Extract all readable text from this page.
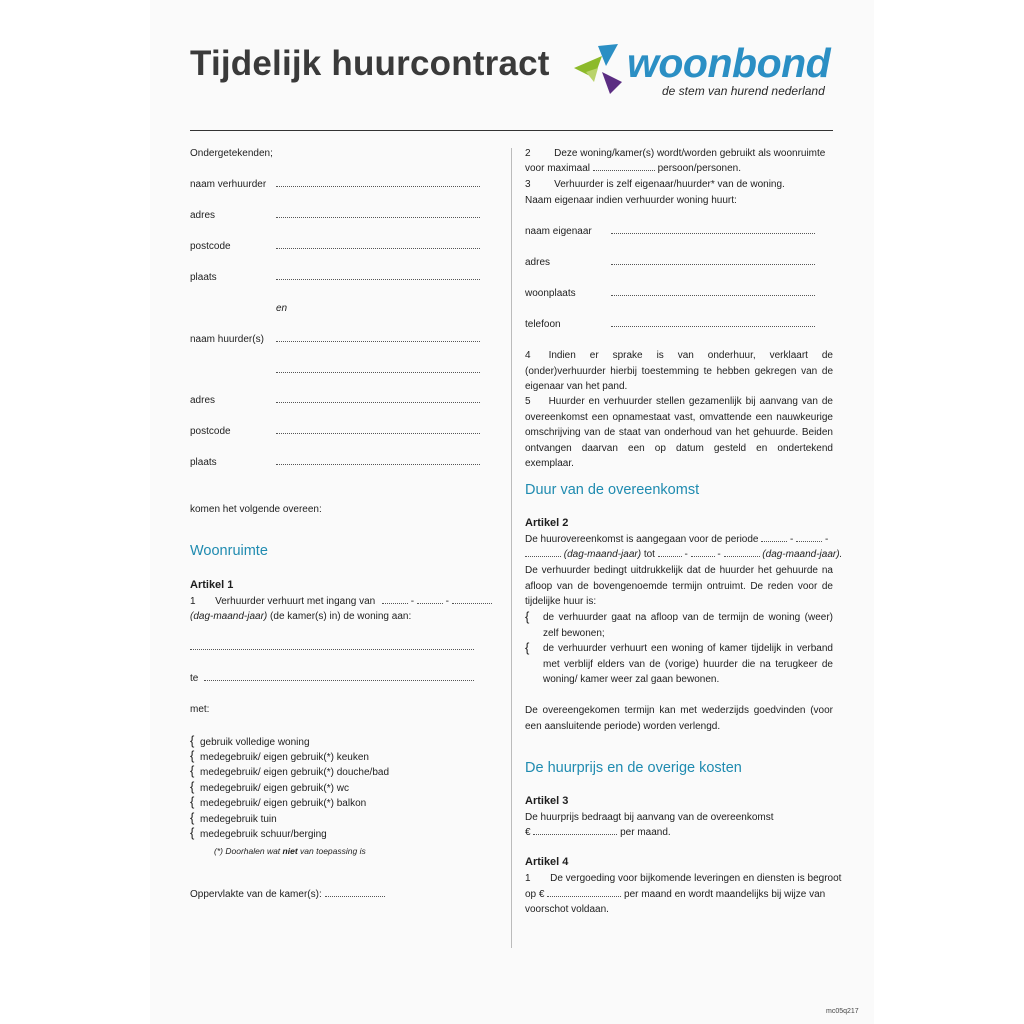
Tijdelijk huurcontract woonbond
de stem van hurend nederland
Ondergetekenden;
naam verhuurder
adres
postcode
plaats
en
naam huurder(s)
adres
postcode
plaats
komen het volgende overeen:
Woonruimte
Artikel 1
1 Verhuurder verhuurt met ingang van	-	-
(dag-maand-jaar) (de kamer(s) in) de woning aan:
te
met:
{ gebruik volledige woning
{ medegebruik/ eigen gebruik(*) keuken
{ medegebruik/ eigen gebruik(*) douche/bad
{ medegebruik/ eigen gebruik(*) wc
{ medegebruik/ eigen gebruik(*) balkon
{ medegebruik tuin
{ medegebruik schuur/berging
(*) Doorhalen wat niet van toepassing is
Oppervlakte van de kamer(s):
2 Deze woning/kamer(s) wordt/worden gebruikt als woonruimte
voor maximaal	persoon/personen.
3 Verhuurder is zelf eigenaar/huurder* van de woning.
Naam eigenaar indien verhuurder woning huurt:
naam eigenaar
adres
woonplaats
telefoon
4 Indien er sprake is van onderhuur, verklaart de (onder)verhuurder hierbij toestemming te hebben gekregen van de eigenaar van het pand.
5 Huurder en verhuurder stellen gezamenlijk bij aanvang van de overeenkomst een opnamestaat vast, omvattende een nauwkeurige omschrijving van de staat van onderhoud van het gehuurde. Beiden ontvangen daarvan een op datum gesteld en ondertekend exemplaar.
Duur van de overeenkomst
Artikel 2
De huurovereenkomst is aangegaan voor de periode	-	-
(dag-maand-jaar) tot	-  -	(dag-maand-jaar).
De verhuurder bedingt uitdrukkelijk dat de huurder het gehuurde na afloop van de bovengenoemde termijn ontruimt. De reden voor de tijdelijke huur is:
{	de verhuurder gaat na afloop van de termijn de woning (weer) zelf bewonen;
{	de verhuurder verhuurt een woning of kamer tijdelijk in verband met verblijf elders van de (vorige) huurder die na terugkeer de woning/ kamer weer zal gaan bewonen.
De overeengekomen termijn kan met wederzijds goedvinden (voor een aansluitende periode) worden verlengd.
De huurprijs en de overige kosten
Artikel 3
De huurprijs bedraagt bij aanvang van de overeenkomst
€	per maand.
Artikel 4
1 De vergoeding voor bijkomende leveringen en diensten is begroot
op €	per maand en wordt maandelijks bij wijze van
voorschot voldaan.
mc05q217
